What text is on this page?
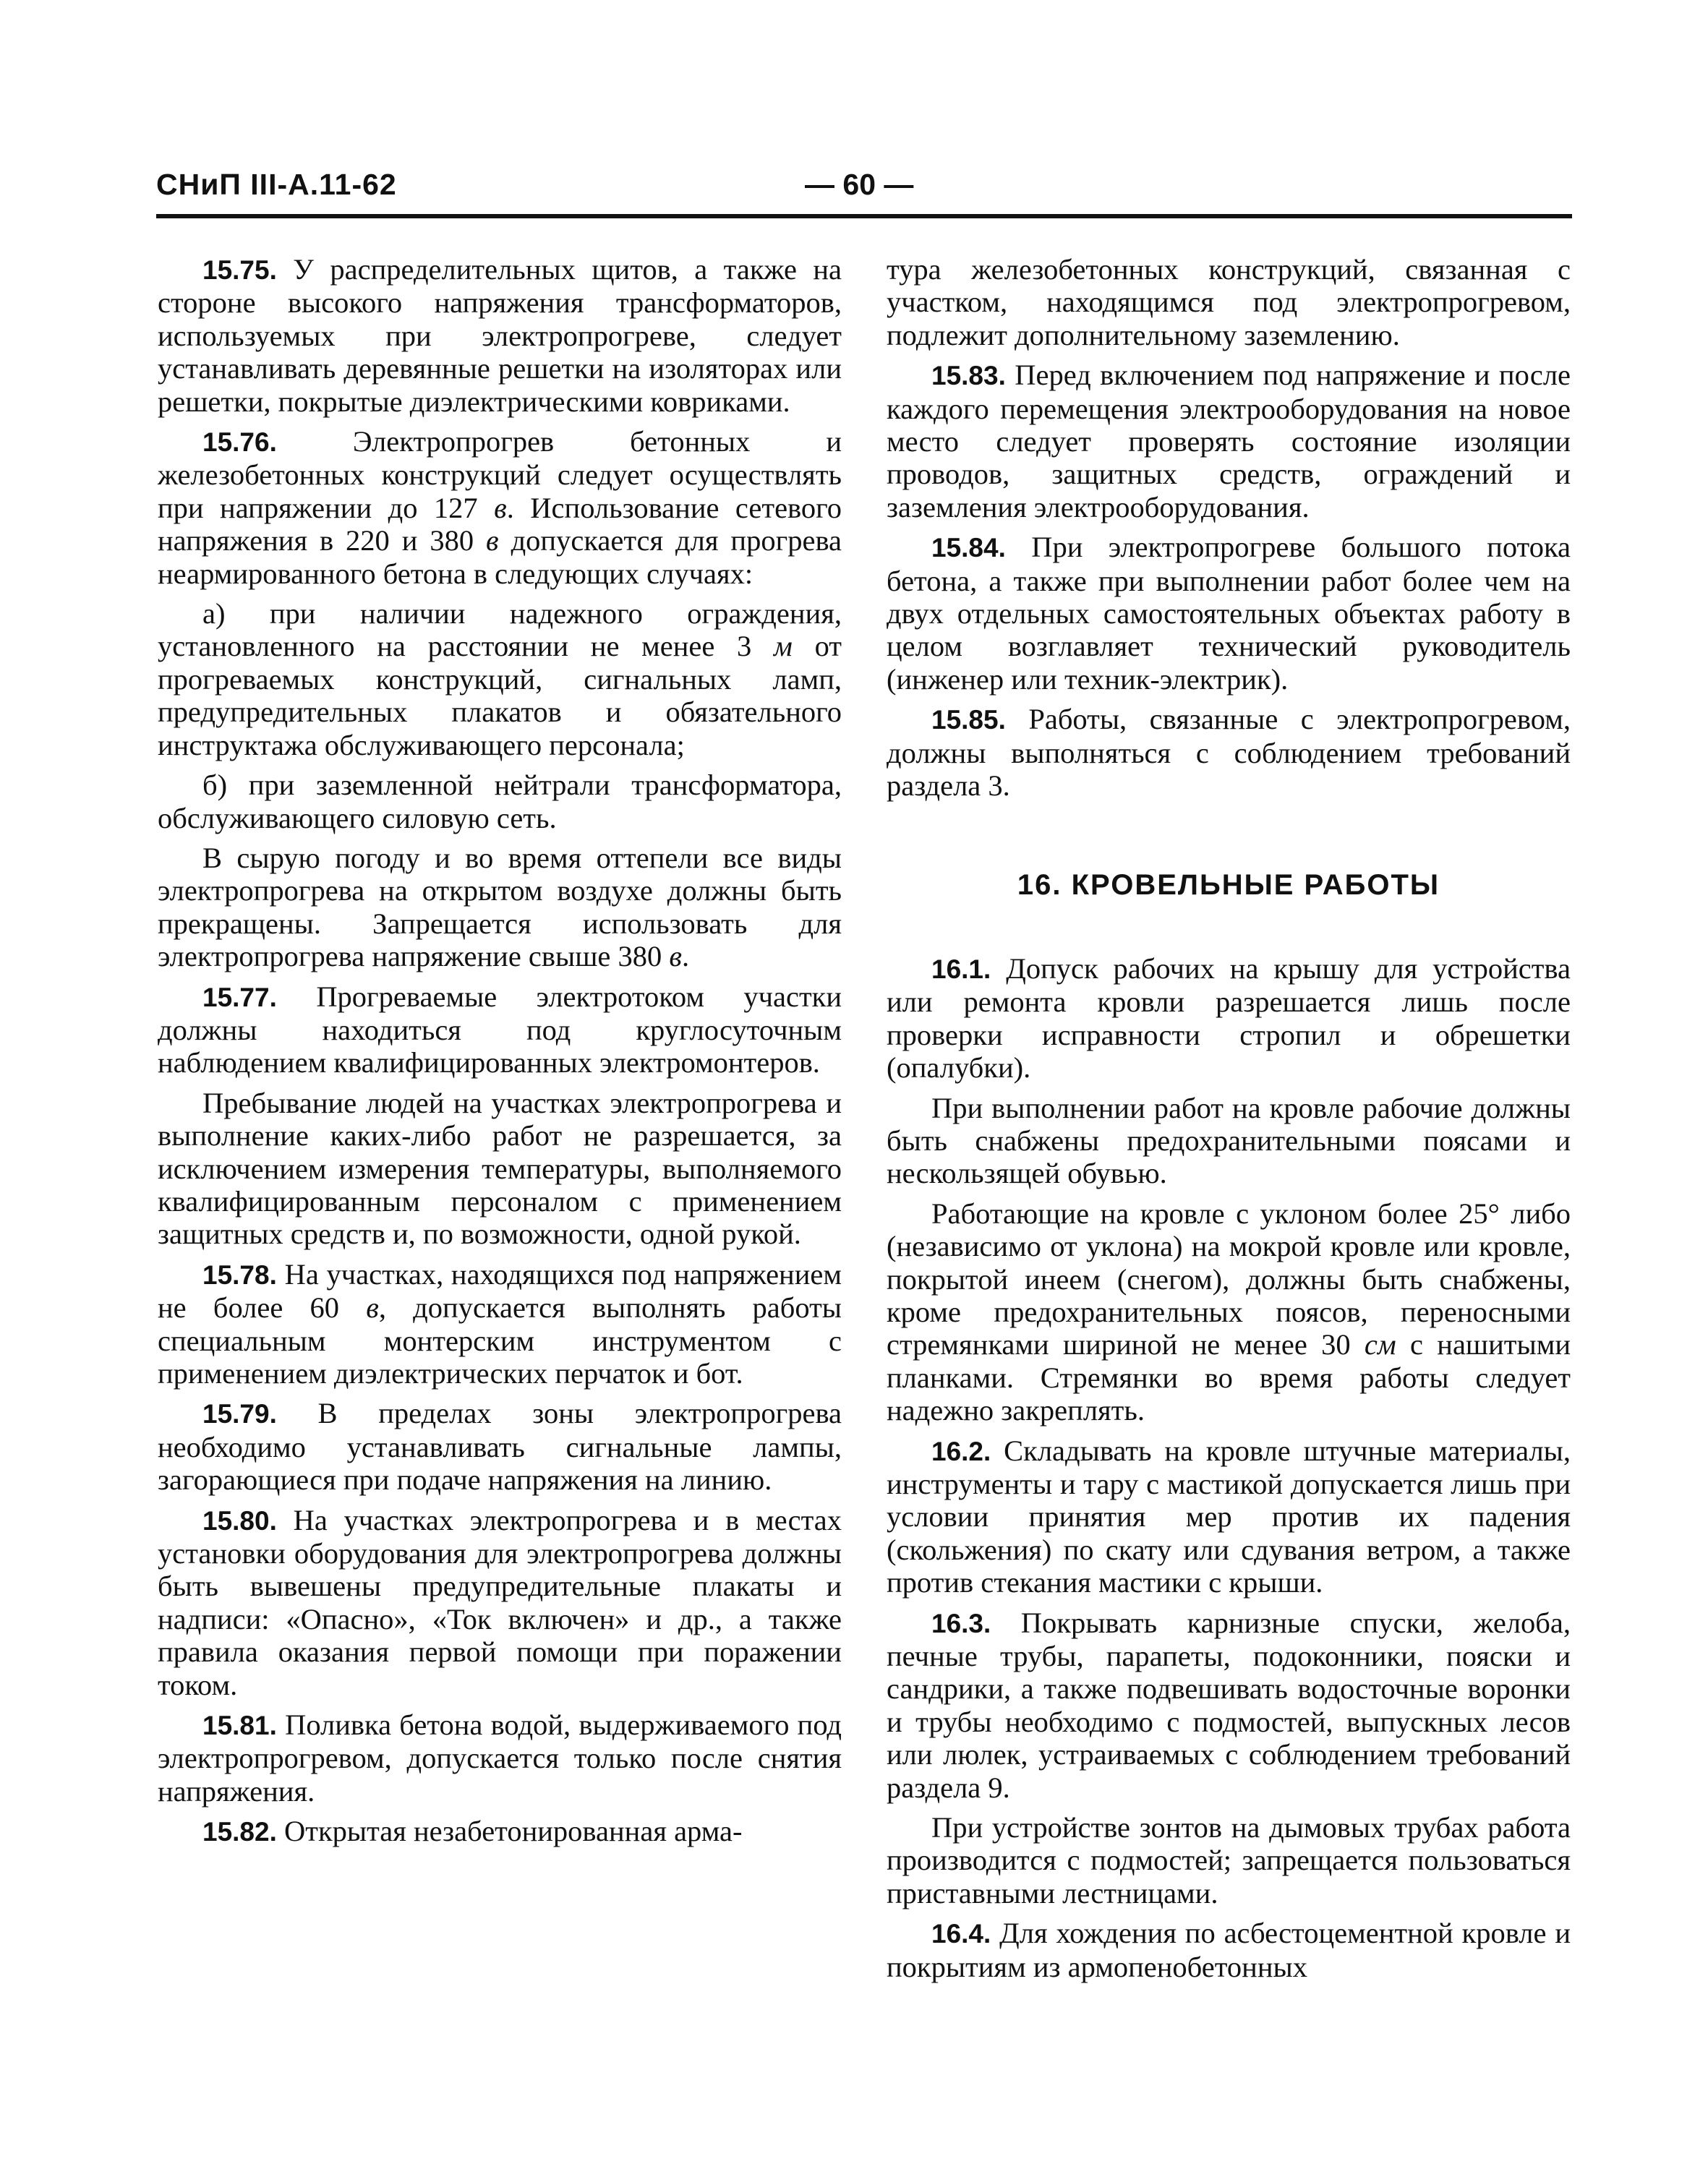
СНиП III-А.11-62	— 60 —

15.75. У распределительных щитов, а также на стороне высокого напряжения трансформаторов, используемых при электропрогреве, следует устанавливать деревянные решетки на изоляторах или решетки, покрытые диэлектрическими ковриками.

15.76.	Электропрогрев бетонных и железобетонных конструкций следует осуществлять при напряжении до 127 в. Использование сетевого напряжения в 220 и 380 в допускается для прогрева неармированного бетона в следующих случаях:

а) при наличии надежного ограждения, установленного на расстоянии не менее 3 м от прогреваемых конструкций, сигнальных ламп, предупредительных плакатов и обязательного инструктажа обслуживающего персонала;

б) при заземленной нейтрали трансформатора, обслуживающего силовую сеть.

В сырую погоду и во время оттепели все виды электропрогрева на открытом воздухе должны быть прекращены. Запрещается использовать для электропрогрева напряжение свыше 380 в.

15.77. Прогреваемые электротоком участки должны находиться под круглосуточным наблюдением квалифицированных электромонтеров.

Пребывание людей на участках электропрогрева и выполнение каких-либо работ не разрешается, за исключением измерения температуры, выполняемого квалифицированным персоналом с применением защитных средств и, по возможности, одной рукой.

15.78. На участках, находящихся под напряжением не более 60 в, допускается выполнять работы специальным монтерским инструментом с применением диэлектрических перчаток и бот.

15.79. В пределах зоны электропрогрева необходимо устанавливать сигнальные лампы, загорающиеся при подаче напряжения на линию.

15.80. На участках электропрогрева и в местах установки оборудования для электропрогрева должны быть вывешены предупредительные плакаты и надписи: «Опасно», «Ток включен» и др., а также правила оказания первой помощи при поражении током.

15.81. Поливка бетона водой, выдерживаемого под электропрогревом, допускается только после снятия напряжения.

15.82. Открытая незабетонированная арма-

тура железобетонных конструкций, связанная с участком, находящимся под электропрогревом, подлежит дополнительному заземлению.

15.83. Перед включением под напряжение и после каждого перемещения электрооборудования на новое место следует проверять состояние изоляции проводов, защитных средств, ограждений и заземления электрооборудования.

15.84. При электропрогреве большого потока бетона, а также при выполнении работ более чем на двух отдельных самостоятельных объектах работу в целом возглавляет технический руководитель (инженер или техник-электрик).

15.85. Работы, связанные с электропрогревом, должны выполняться с соблюдением требований раздела 3.

16. КРОВЕЛЬНЫЕ РАБОТЫ

16.1. Допуск рабочих на крышу для устройства или ремонта кровли разрешается лишь после проверки исправности стропил и обрешетки (опалубки).

При выполнении работ на кровле рабочие должны быть снабжены предохранительными поясами и нескользящей обувью.

Работающие на кровле с уклоном более 25° либо (независимо от уклона) на мокрой кровле или кровле, покрытой инеем (снегом), должны быть снабжены, кроме предохранительных поясов, переносными стремянками шириной не менее 30 см с нашитыми планками. Стремянки во время работы следует надежно закреплять.

16.2. Складывать на кровле штучные материалы, инструменты и тару с мастикой допускается лишь при условии принятия мер против их падения (скольжения) по скату или сдувания ветром, а также против стекания мастики с крыши.

16.3. Покрывать карнизные спуски, желоба, печные трубы, парапеты, подоконники, пояски и сандрики, а также подвешивать водосточные воронки и трубы необходимо с подмостей, выпускных лесов или люлек, устраиваемых с соблюдением требований раздела 9.

При устройстве зонтов на дымовых трубах работа производится с подмостей; запрещается пользоваться приставными лестницами.

16.4. Для хождения по асбестоцементной кровле и покрытиям из армопенобетонных
